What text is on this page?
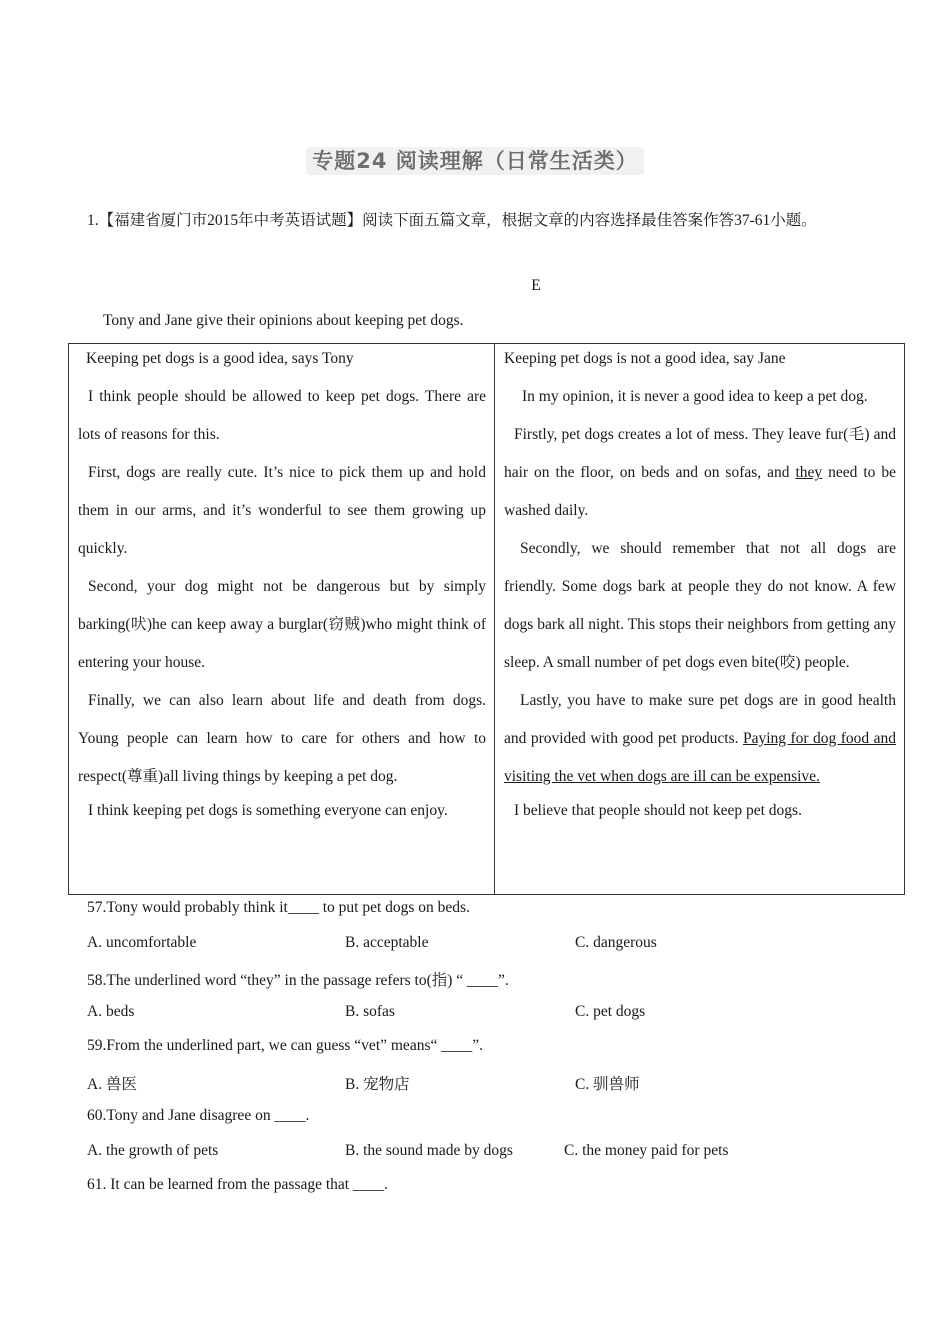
专题24 阅读理解（日常生活类）
1.【福建省厦门市2015年中考英语试题】阅读下面五篇文章，根据文章的内容选择最佳答案作答37-61小题。
E
Tony and Jane give their opinions about keeping pet dogs.

Keeping pet dogs is a good idea, says Tony

I think people should be allowed to keep pet dogs. There are lots of reasons for this.

First, dogs are really cute. It’s nice to pick them up and hold them in our arms, and it’s wonderful to see them growing up quickly.

Second, your dog might not be dangerous but by simply barking(吠)he can keep away a burglar(窃贼)who might think of entering your house.

Finally, we can also learn about life and death from dogs. Young people can learn how to care for others and how to respect(尊重)all living things by keeping a pet dog.

I think keeping pet dogs is something everyone can enjoy.

Keeping pet dogs is not a good idea, say Jane

In my opinion, it is never a good idea to keep a pet dog.

Firstly, pet dogs creates a lot of mess. They leave fur(毛) and hair on the floor, on beds and on sofas, and they need to be washed daily.

Secondly, we should remember that not all dogs are friendly. Some dogs bark at people they do not know. A few dogs bark all night. This stops their neighbors from getting any sleep. A small number of pet dogs even bite(咬) people.

Lastly, you have to make sure pet dogs are in good health and provided with good pet products. Paying for dog food and visiting the vet when dogs are ill can be expensive.

I believe that people should not keep pet dogs.

57.Tony would probably think it____ to put pet dogs on beds.
A. uncomfortable	B. acceptable	C. dangerous
58.The underlined word “they” in the passage refers to(指) “ ____”.
A. beds	B. sofas	C. pet dogs
59.From the underlined part, we can guess “vet” means“ ____”.
A. 兽医	B. 宠物店	C. 驯兽师
60.Tony and Jane disagree on ____.
A. the growth of pets	B. the sound made by dogs	C. the money paid for pets
61. It can be learned from the passage that ____.
